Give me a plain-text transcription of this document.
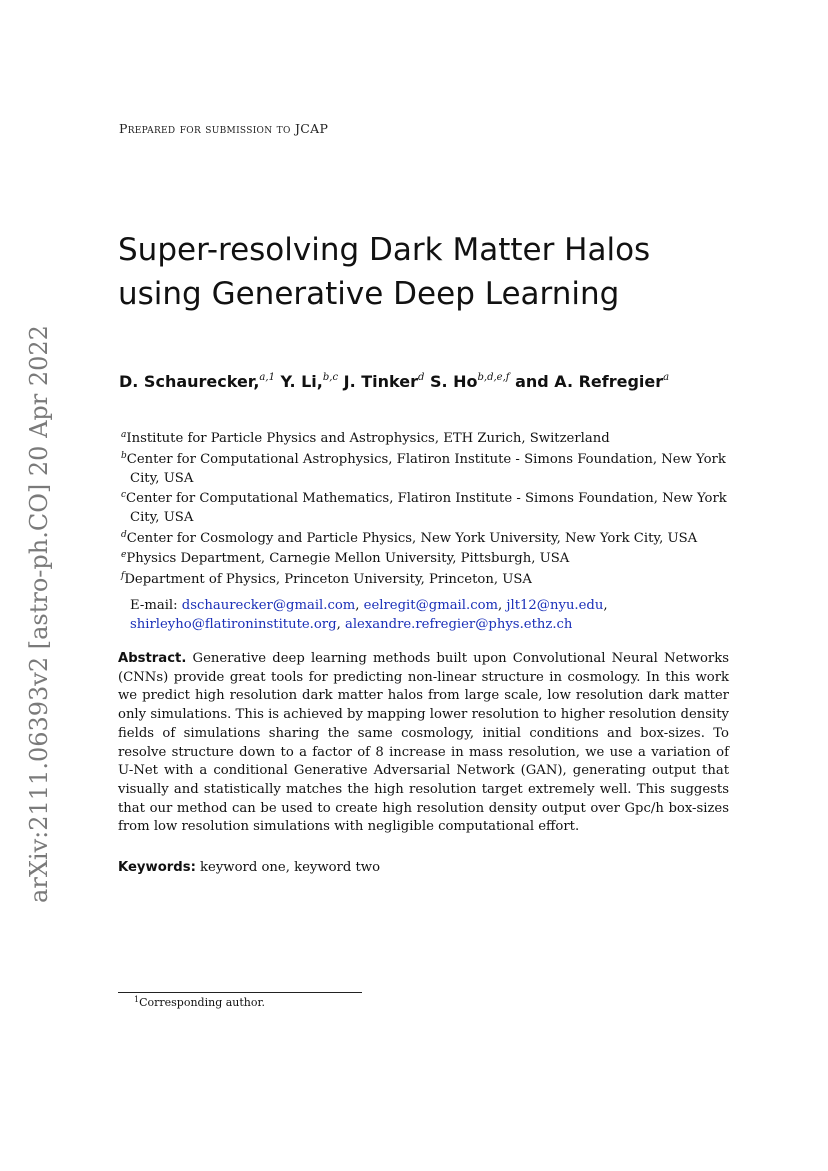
arXiv:2111.06393v2 [astro-ph.CO] 20 Apr 2022
Prepared for submission to JCAP
Super-resolving Dark Matter Halos
using Generative Deep Learning
D. Schaurecker,$^{a,1}$ Y. Li,$^{b,c}$ J. Tinker$^d$ S. Ho$^{b,d,e,f}$ and A. Refregier$^a$
$^a$Institute for Particle Physics and Astrophysics, ETH Zurich, Switzerland
$^b$Center for Computational Astrophysics, Flatiron Institute - Simons Foundation, New York City, USA
$^c$Center for Computational Mathematics, Flatiron Institute - Simons Foundation, New York City, USA
$^d$Center for Cosmology and Particle Physics, New York University, New York City, USA
$^e$Physics Department, Carnegie Mellon University, Pittsburgh, USA
$^f$Department of Physics, Princeton University, Princeton, USA
E-mail: dschaurecker@gmail.com, eelregit@gmail.com, jlt12@nyu.edu,
shirleyho@flatironinstitute.org, alexandre.refregier@phys.ethz.ch
Abstract. Generative deep learning methods built upon Convolutional Neural Networks (CNNs) provide great tools for predicting non-linear structure in cosmology. In this work we predict high resolution dark matter halos from large scale, low resolution dark matter only simulations. This is achieved by mapping lower resolution to higher resolution density fields of simulations sharing the same cosmology, initial conditions and box-sizes. To resolve structure down to a factor of 8 increase in mass resolution, we use a variation of U-Net with a conditional Generative Adversarial Network (GAN), generating output that visually and statistically matches the high resolution target extremely well. This suggests that our method can be used to create high resolution density output over Gpc/h box-sizes from low resolution simulations with negligible computational effort.
Keywords: keyword one, keyword two
$^1$Corresponding author.
